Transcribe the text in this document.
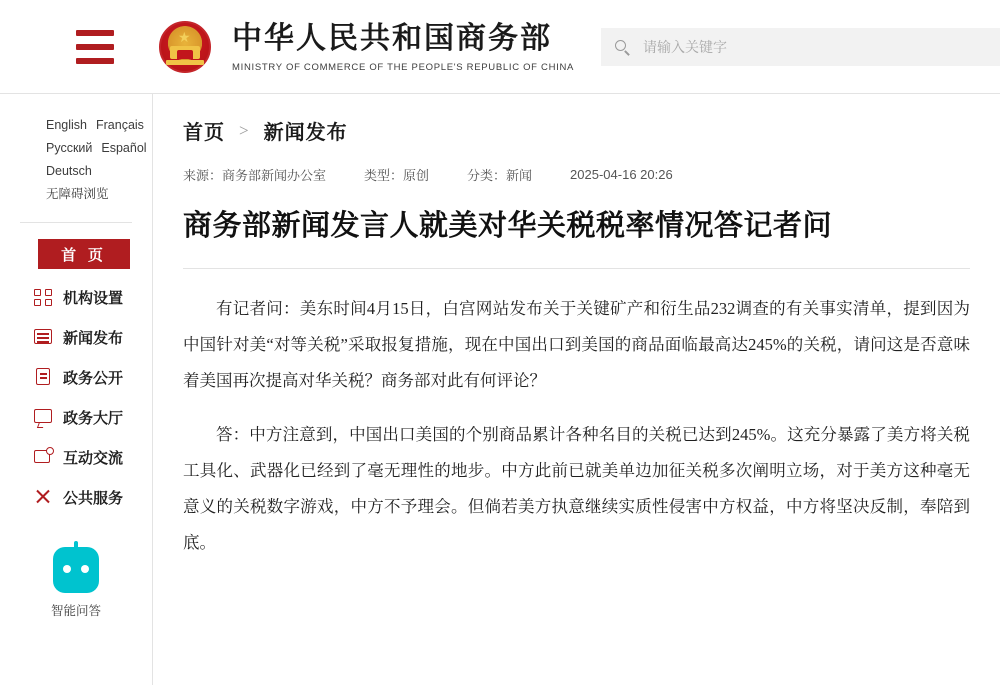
★ 中华人民共和国商务部
MINISTRY OF COMMERCE OF THE PEOPLE'S REPUBLIC OF CHINA
请输入关键字
English Français
Русский Español
Deutsch
无障碍浏览
首 页
机构设置
新闻发布
政务公开
政务大厅
互动交流
公共服务
智能问答
首页 > 新闻发布
来源：商务部新闻办公室	类型：原创	分类：新闻	2025-04-16 20:26
商务部新闻发言人就美对华关税税率情况答记者问

有记者问：美东时间4月15日，白宫网站发布关于关键矿产和衍生品232调查的有关事实清单，提到因为中国针对美“对等关税”采取报复措施，现在中国出口到美国的商品面临最高达245%的关税，请问这是否意味着美国再次提高对华关税？商务部对此有何评论？

答：中方注意到，中国出口美国的个别商品累计各种名目的关税已达到245%。这充分暴露了美方将关税工具化、武器化已经到了毫无理性的地步。中方此前已就美单边加征关税多次阐明立场，对于美方这种毫无意义的关税数字游戏，中方不予理会。但倘若美方执意继续实质性侵害中方权益，中方将坚决反制，奉陪到底。
